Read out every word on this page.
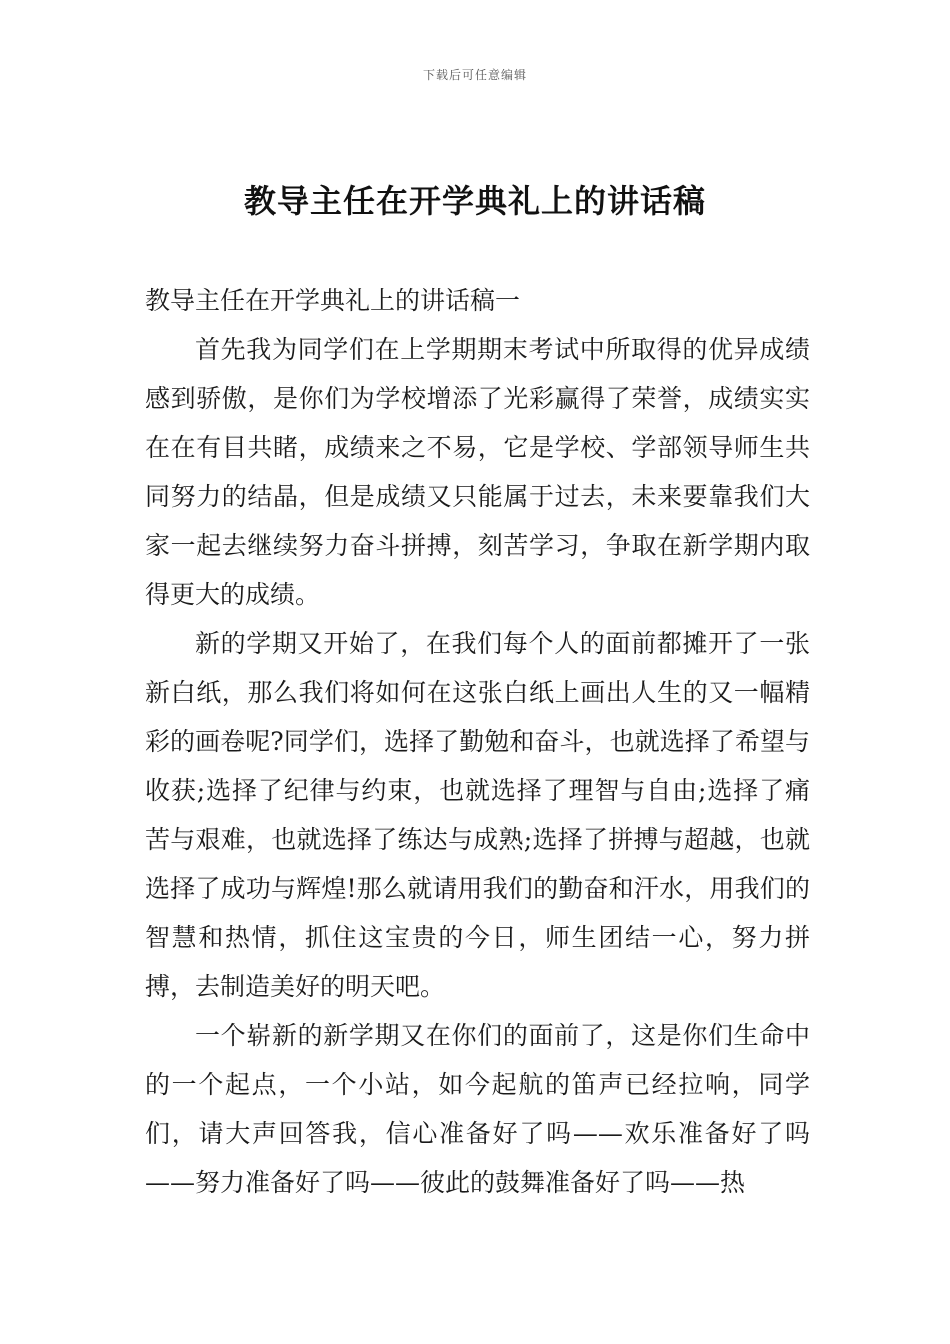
下载后可任意编辑
教导主任在开学典礼上的讲话稿

教导主任在开学典礼上的讲话稿一

首先我为同学们在上学期期末考试中所取得的优异成绩感到骄傲，是你们为学校增添了光彩赢得了荣誉，成绩实实在在有目共睹，成绩来之不易，它是学校、学部领导师生共同努力的结晶，但是成绩又只能属于过去，未来要靠我们大家一起去继续努力奋斗拼搏，刻苦学习，争取在新学期内取得更大的成绩。

新的学期又开始了，在我们每个人的面前都摊开了一张新白纸，那么我们将如何在这张白纸上画出人生的又一幅精彩的画卷呢?同学们，选择了勤勉和奋斗，也就选择了希望与收获;选择了纪律与约束，也就选择了理智与自由;选择了痛苦与艰难，也就选择了练达与成熟;选择了拼搏与超越，也就选择了成功与辉煌!那么就请用我们的勤奋和汗水，用我们的智慧和热情，抓住这宝贵的今日，师生团结一心，努力拼搏，去制造美好的明天吧。

一个崭新的新学期又在你们的面前了，这是你们生命中的一个起点，一个小站，如今起航的笛声已经拉响，同学们，请大声回答我，信心准备好了吗——欢乐准备好了吗——努力准备好了吗——彼此的鼓舞准备好了吗——热
